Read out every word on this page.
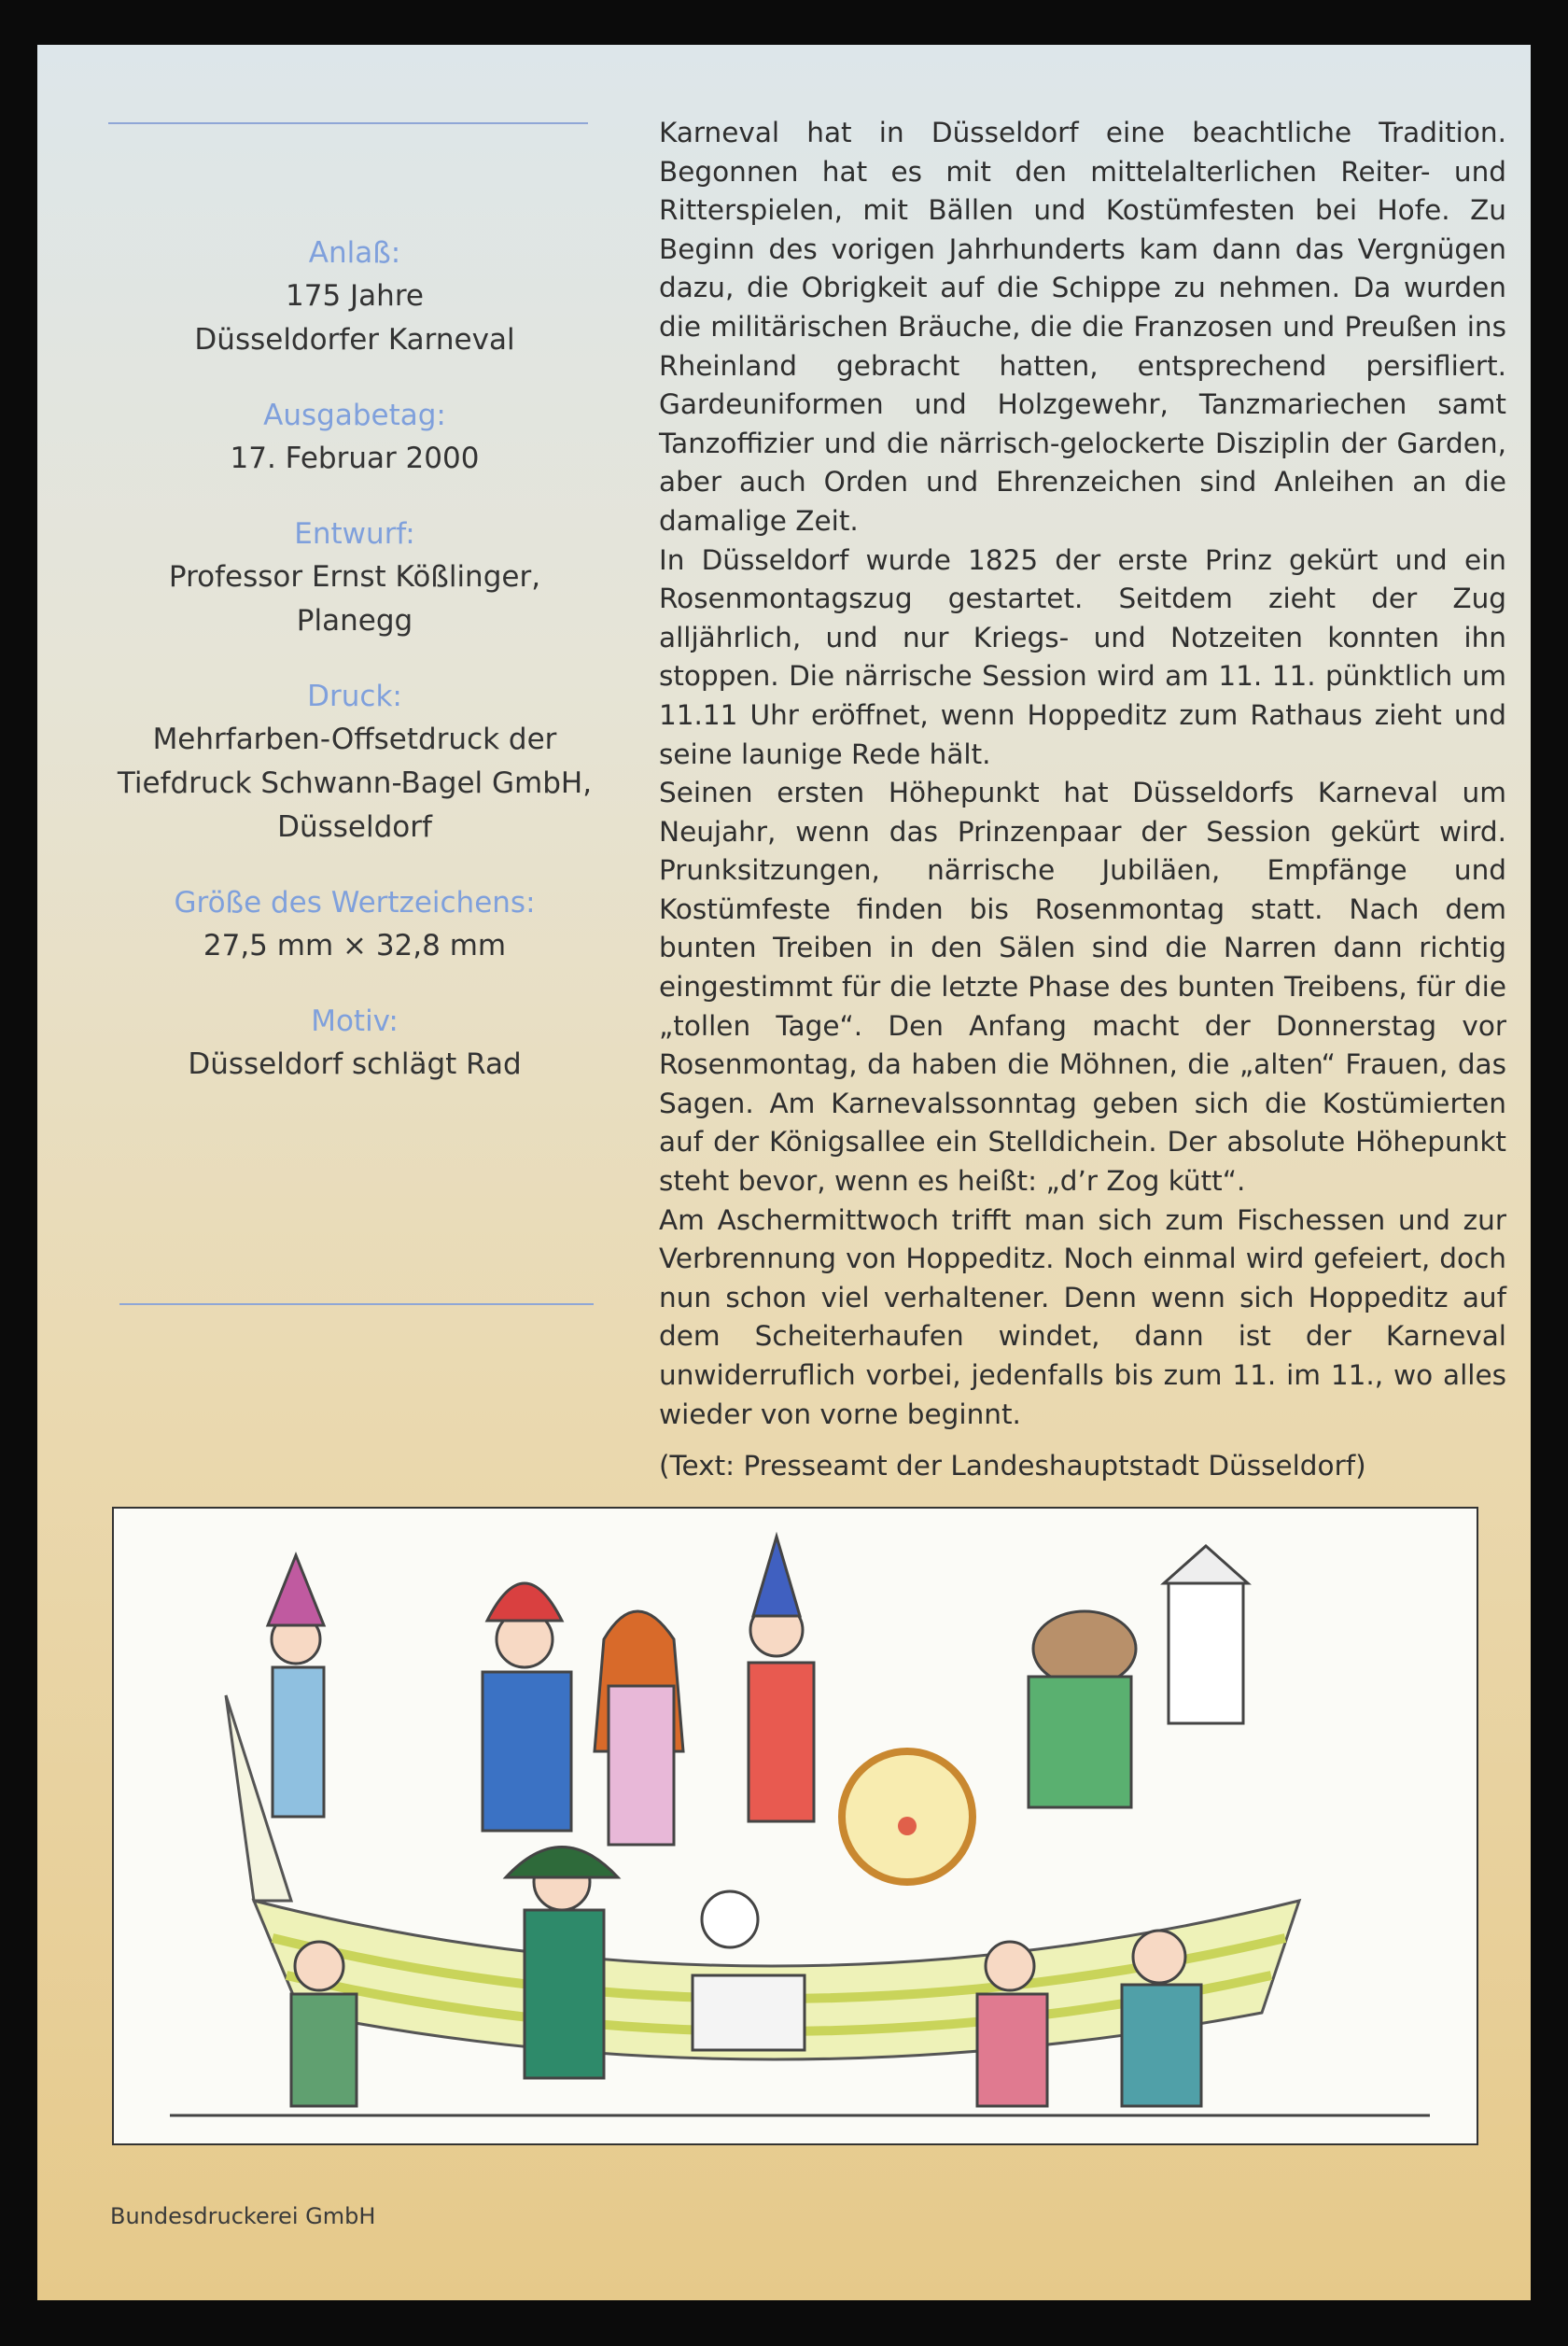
Anlaß:
175 Jahre
Düsseldorfer Karneval
Ausgabetag:
17. Februar 2000
Entwurf:
Professor Ernst Kößlinger,
Planegg
Druck:
Mehrfarben-Offsetdruck der
Tiefdruck Schwann-Bagel GmbH,
Düsseldorf
Größe des Wertzeichens:
27,5 mm × 32,8 mm
Motiv:
Düsseldorf schlägt Rad

Karneval hat in Düsseldorf eine beachtliche Tradition. Begonnen hat es mit den mittelalterlichen Reiter- und Ritterspielen, mit Bällen und Kostümfesten bei Hofe. Zu Beginn des vorigen Jahrhunderts kam dann das Vergnügen dazu, die Obrigkeit auf die Schippe zu nehmen. Da wurden die militärischen Bräuche, die die Franzosen und Preußen ins Rheinland gebracht hatten, entsprechend persifliert. Gardeuniformen und Holzgewehr, Tanzmariechen samt Tanzoffizier und die närrisch-gelockerte Disziplin der Garden, aber auch Orden und Ehrenzeichen sind Anleihen an die damalige Zeit.

In Düsseldorf wurde 1825 der erste Prinz gekürt und ein Rosenmontagszug gestartet. Seitdem zieht der Zug alljährlich, und nur Kriegs- und Notzeiten konnten ihn stoppen. Die närrische Session wird am 11. 11. pünktlich um 11.11 Uhr eröffnet, wenn Hoppeditz zum Rathaus zieht und seine launige Rede hält.

Seinen ersten Höhepunkt hat Düsseldorfs Karneval um Neujahr, wenn das Prinzenpaar der Session gekürt wird. Prunksitzungen, närrische Jubiläen, Empfänge und Kostümfeste finden bis Rosenmontag statt. Nach dem bunten Treiben in den Sälen sind die Narren dann richtig eingestimmt für die letzte Phase des bunten Treibens, für die „tollen Tage“. Den Anfang macht der Donnerstag vor Rosenmontag, da haben die Möhnen, die „alten“ Frauen, das Sagen. Am Karnevalssonntag geben sich die Kostümierten auf der Königsallee ein Stelldichein. Der absolute Höhepunkt steht bevor, wenn es heißt: „d’r Zog kütt“.

Am Aschermittwoch trifft man sich zum Fischessen und zur Verbrennung von Hoppeditz. Noch einmal wird gefeiert, doch nun schon viel verhaltener. Denn wenn sich Hoppeditz auf dem Scheiterhaufen windet, dann ist der Karneval unwiderruflich vorbei, jedenfalls bis zum 11. im 11., wo alles wieder von vorne beginnt.

(Text: Presseamt der Landeshauptstadt Düsseldorf)

Bundesdruckerei GmbH
